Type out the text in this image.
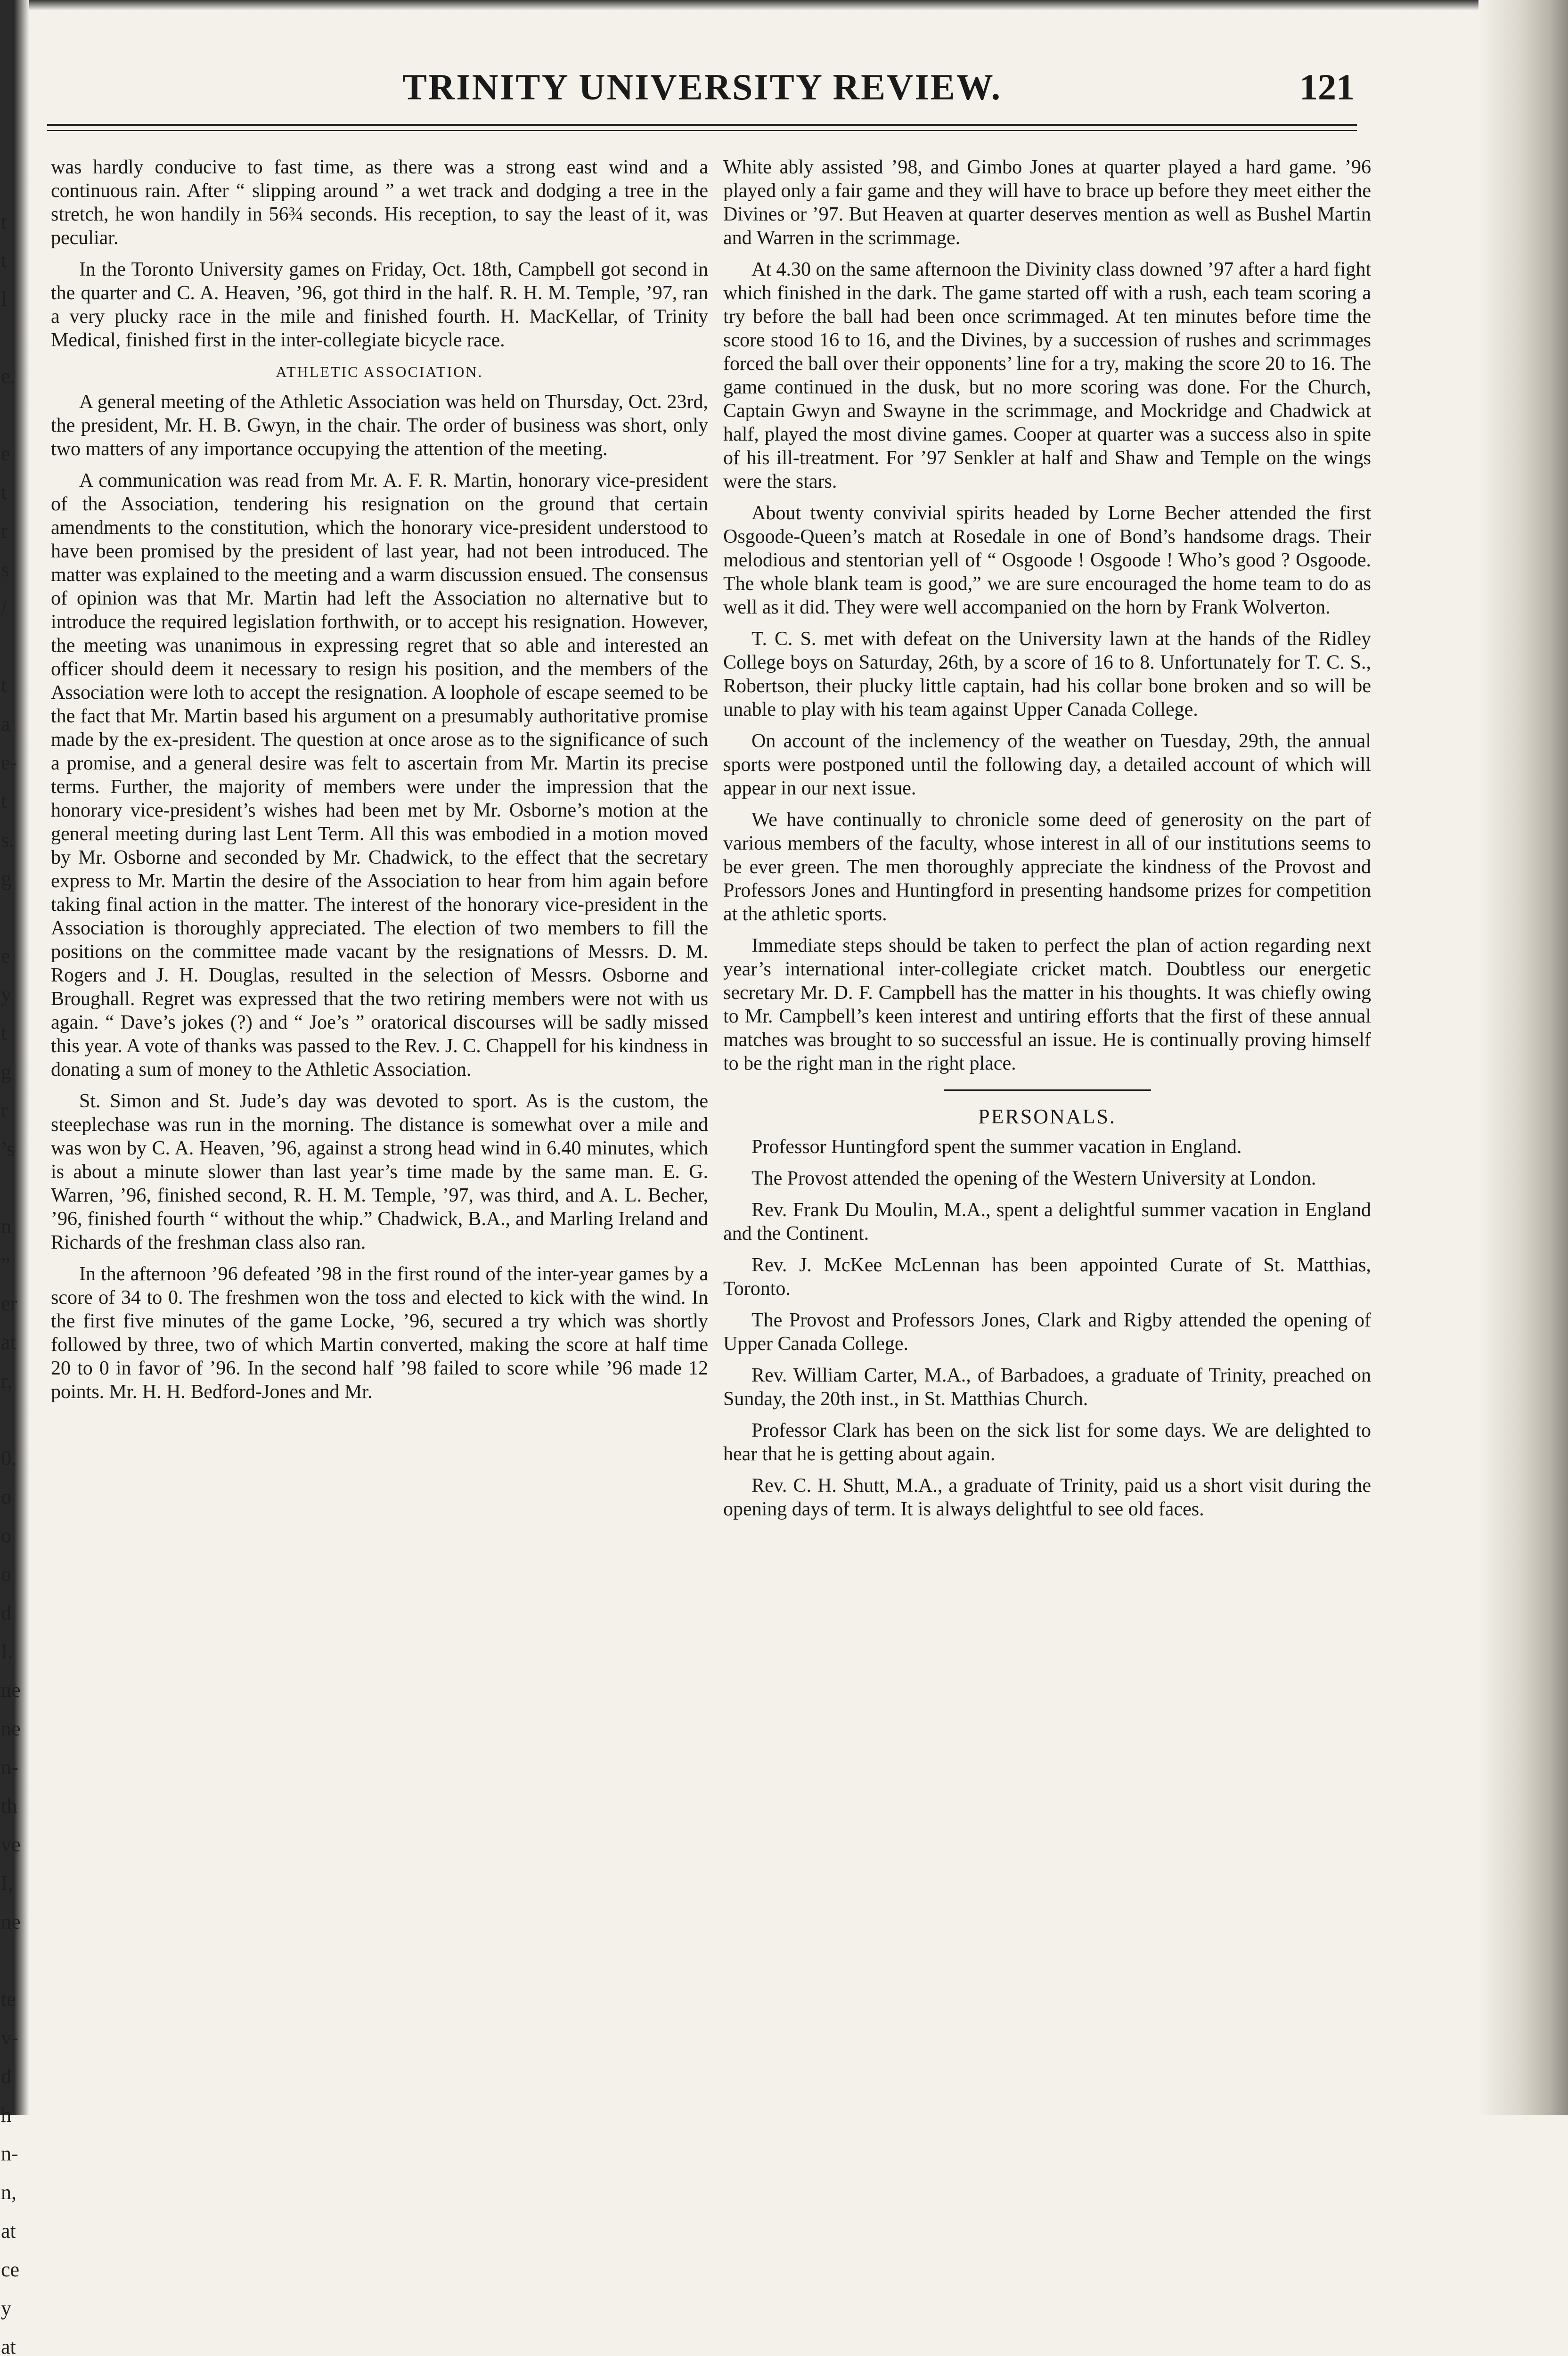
t
t
l
e.
e
t
r
s
/
t
a
e-
t
s.
g
e
y
t
g
r
’s
n
”
er
at
r,
0.
o
o
o
d
I.
ne
ne
n-
th
ve
I,
ne
te
v-
d
h
n-
n,
at
ce
y
at
TRINITY UNIVERSITY REVIEW.	121

was hardly conducive to fast time, as there was a strong east wind and a continuous rain. After “ slipping around ” a wet track and dodging a tree in the stretch, he won handily in 56¾ seconds. His reception, to say the least of it, was peculiar.

In the Toronto University games on Friday, Oct. 18th, Campbell got second in the quarter and C. A. Heaven, ’96, got third in the half. R. H. M. Temple, ’97, ran a very plucky race in the mile and finished fourth. H. MacKellar, of Trinity Medical, finished first in the inter-collegiate bicycle race.

ATHLETIC ASSOCIATION.

A general meeting of the Athletic Association was held on Thursday, Oct. 23rd, the president, Mr. H. B. Gwyn, in the chair. The order of business was short, only two matters of any importance occupying the attention of the meeting.

A communication was read from Mr. A. F. R. Martin, honorary vice-president of the Association, tendering his resignation on the ground that certain amendments to the constitution, which the honorary vice-president understood to have been promised by the president of last year, had not been introduced. The matter was explained to the meeting and a warm discussion ensued. The consensus of opinion was that Mr. Martin had left the Association no alternative but to introduce the required legislation forthwith, or to accept his resignation. However, the meeting was unanimous in expressing regret that so able and interested an officer should deem it necessary to resign his position, and the members of the Association were loth to accept the resignation. A loophole of escape seemed to be the fact that Mr. Martin based his argument on a presumably authoritative promise made by the ex-president. The question at once arose as to the significance of such a promise, and a general desire was felt to ascertain from Mr. Martin its precise terms. Further, the majority of members were under the impression that the honorary vice-president’s wishes had been met by Mr. Osborne’s motion at the general meeting during last Lent Term. All this was embodied in a motion moved by Mr. Osborne and seconded by Mr. Chadwick, to the effect that the secretary express to Mr. Martin the desire of the Association to hear from him again before taking final action in the matter. The interest of the honorary vice-president in the Association is thoroughly appreciated. The election of two members to fill the positions on the committee made vacant by the resignations of Messrs. D. M. Rogers and J. H. Douglas, resulted in the selection of Messrs. Osborne and Broughall. Regret was expressed that the two retiring members were not with us again. “ Dave’s jokes (?) and “ Joe’s ” oratorical discourses will be sadly missed this year. A vote of thanks was passed to the Rev. J. C. Chappell for his kindness in donating a sum of money to the Athletic Association.

St. Simon and St. Jude’s day was devoted to sport. As is the custom, the steeplechase was run in the morning. The distance is somewhat over a mile and was won by C. A. Heaven, ’96, against a strong head wind in 6.40 minutes, which is about a minute slower than last year’s time made by the same man. E. G. Warren, ’96, finished second, R. H. M. Temple, ’97, was third, and A. L. Becher, ’96, finished fourth “ without the whip.” Chadwick, B.A., and Marling Ireland and Richards of the freshman class also ran.

In the afternoon ’96 defeated ’98 in the first round of the inter-year games by a score of 34 to 0. The freshmen won the toss and elected to kick with the wind. In the first five minutes of the game Locke, ’96, secured a try which was shortly followed by three, two of which Martin converted, making the score at half time 20 to 0 in favor of ’96. In the second half ’98 failed to score while ’96 made 12 points. Mr. H. H. Bedford-Jones and Mr.

White ably assisted ’98, and Gimbo Jones at quarter played a hard game. ’96 played only a fair game and they will have to brace up before they meet either the Divines or ’97. But Heaven at quarter deserves mention as well as Bushel Martin and Warren in the scrimmage.

At 4.30 on the same afternoon the Divinity class downed ’97 after a hard fight which finished in the dark. The game started off with a rush, each team scoring a try before the ball had been once scrimmaged. At ten minutes before time the score stood 16 to 16, and the Divines, by a succession of rushes and scrimmages forced the ball over their opponents’ line for a try, making the score 20 to 16. The game continued in the dusk, but no more scoring was done. For the Church, Captain Gwyn and Swayne in the scrimmage, and Mockridge and Chadwick at half, played the most divine games. Cooper at quarter was a success also in spite of his ill-treatment. For ’97 Senkler at half and Shaw and Temple on the wings were the stars.

About twenty convivial spirits headed by Lorne Becher attended the first Osgoode-Queen’s match at Rosedale in one of Bond’s handsome drags. Their melodious and stentorian yell of “ Osgoode ! Osgoode ! Who’s good ? Osgoode. The whole blank team is good,” we are sure encouraged the home team to do as well as it did. They were well accompanied on the horn by Frank Wolverton.

T. C. S. met with defeat on the University lawn at the hands of the Ridley College boys on Saturday, 26th, by a score of 16 to 8. Unfortunately for T. C. S., Robertson, their plucky little captain, had his collar bone broken and so will be unable to play with his team against Upper Canada College.

On account of the inclemency of the weather on Tuesday, 29th, the annual sports were postponed until the following day, a detailed account of which will appear in our next issue.

We have continually to chronicle some deed of generosity on the part of various members of the faculty, whose interest in all of our institutions seems to be ever green. The men thoroughly appreciate the kindness of the Provost and Professors Jones and Huntingford in presenting handsome prizes for competition at the athletic sports.

Immediate steps should be taken to perfect the plan of action regarding next year’s international inter-collegiate cricket match. Doubtless our energetic secretary Mr. D. F. Campbell has the matter in his thoughts. It was chiefly owing to Mr. Campbell’s keen interest and untiring efforts that the first of these annual matches was brought to so successful an issue. He is continually proving himself to be the right man in the right place.

PERSONALS.

Professor Huntingford spent the summer vacation in England.

The Provost attended the opening of the Western University at London.

Rev. Frank Du Moulin, M.A., spent a delightful summer vacation in England and the Continent.

Rev. J. McKee McLennan has been appointed Curate of St. Matthias, Toronto.

The Provost and Professors Jones, Clark and Rigby attended the opening of Upper Canada College.

Rev. William Carter, M.A., of Barbadoes, a graduate of Trinity, preached on Sunday, the 20th inst., in St. Matthias Church.

Professor Clark has been on the sick list for some days. We are delighted to hear that he is getting about again.

Rev. C. H. Shutt, M.A., a graduate of Trinity, paid us a short visit during the opening days of term. It is always delightful to see old faces.
